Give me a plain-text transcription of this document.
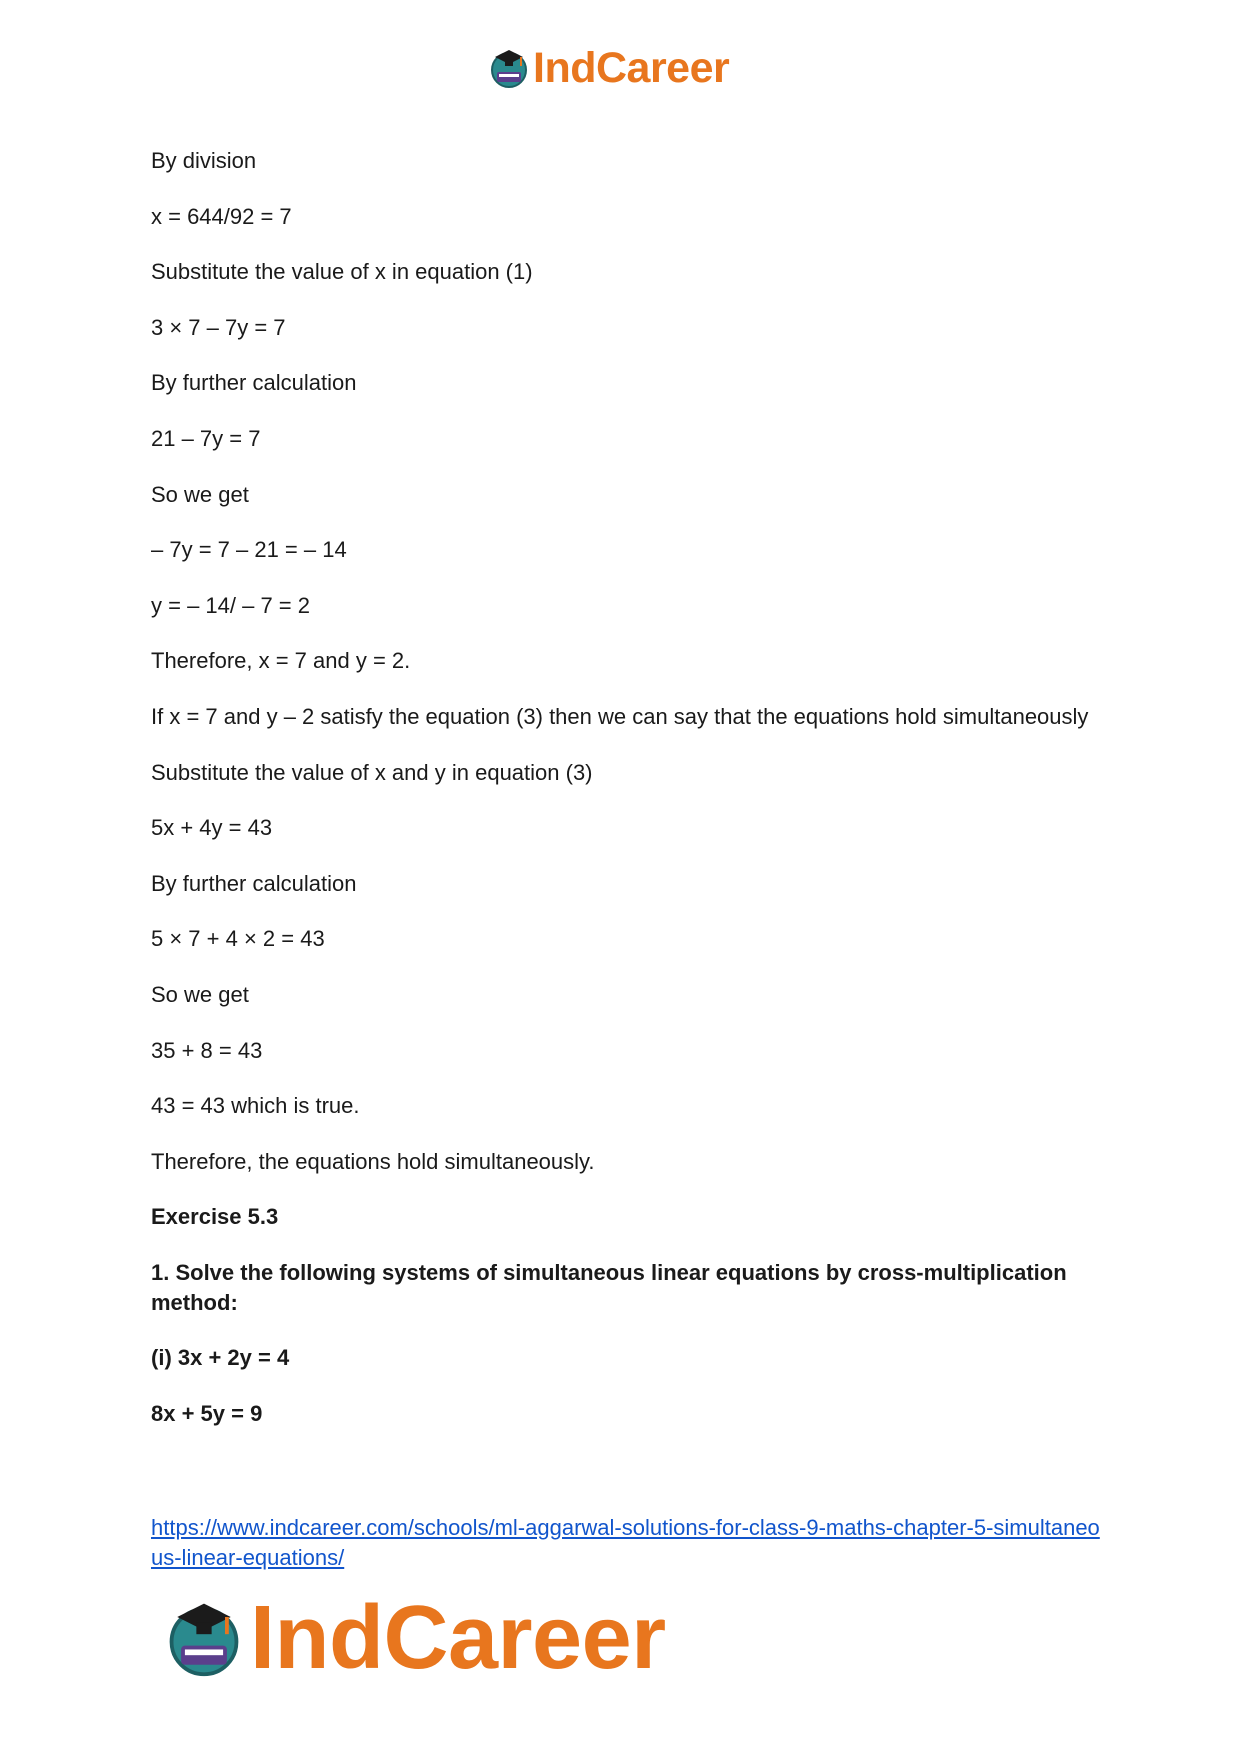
IndCareer

By division

x = 644/92 = 7

Substitute the value of x in equation (1)

3 × 7 – 7y = 7

By further calculation

21 – 7y = 7

So we get

– 7y = 7 – 21 = – 14

y = – 14/ – 7 = 2

Therefore, x = 7 and y = 2.

If x = 7 and y – 2 satisfy the equation (3) then we can say that the equations hold simultaneously

Substitute the value of x and y in equation (3)

5x + 4y = 43

By further calculation

5 × 7 + 4 × 2 = 43

So we get

35 + 8 = 43

43 = 43 which is true.

Therefore, the equations hold simultaneously.

Exercise 5.3

1. Solve the following systems of simultaneous linear equations by cross-multiplication method:

(i) 3x + 2y = 4

8x + 5y = 9

https://www.indcareer.com/schools/ml-aggarwal-solutions-for-class-9-maths-chapter-5-simultaneous-linear-equations/
IndCareer
